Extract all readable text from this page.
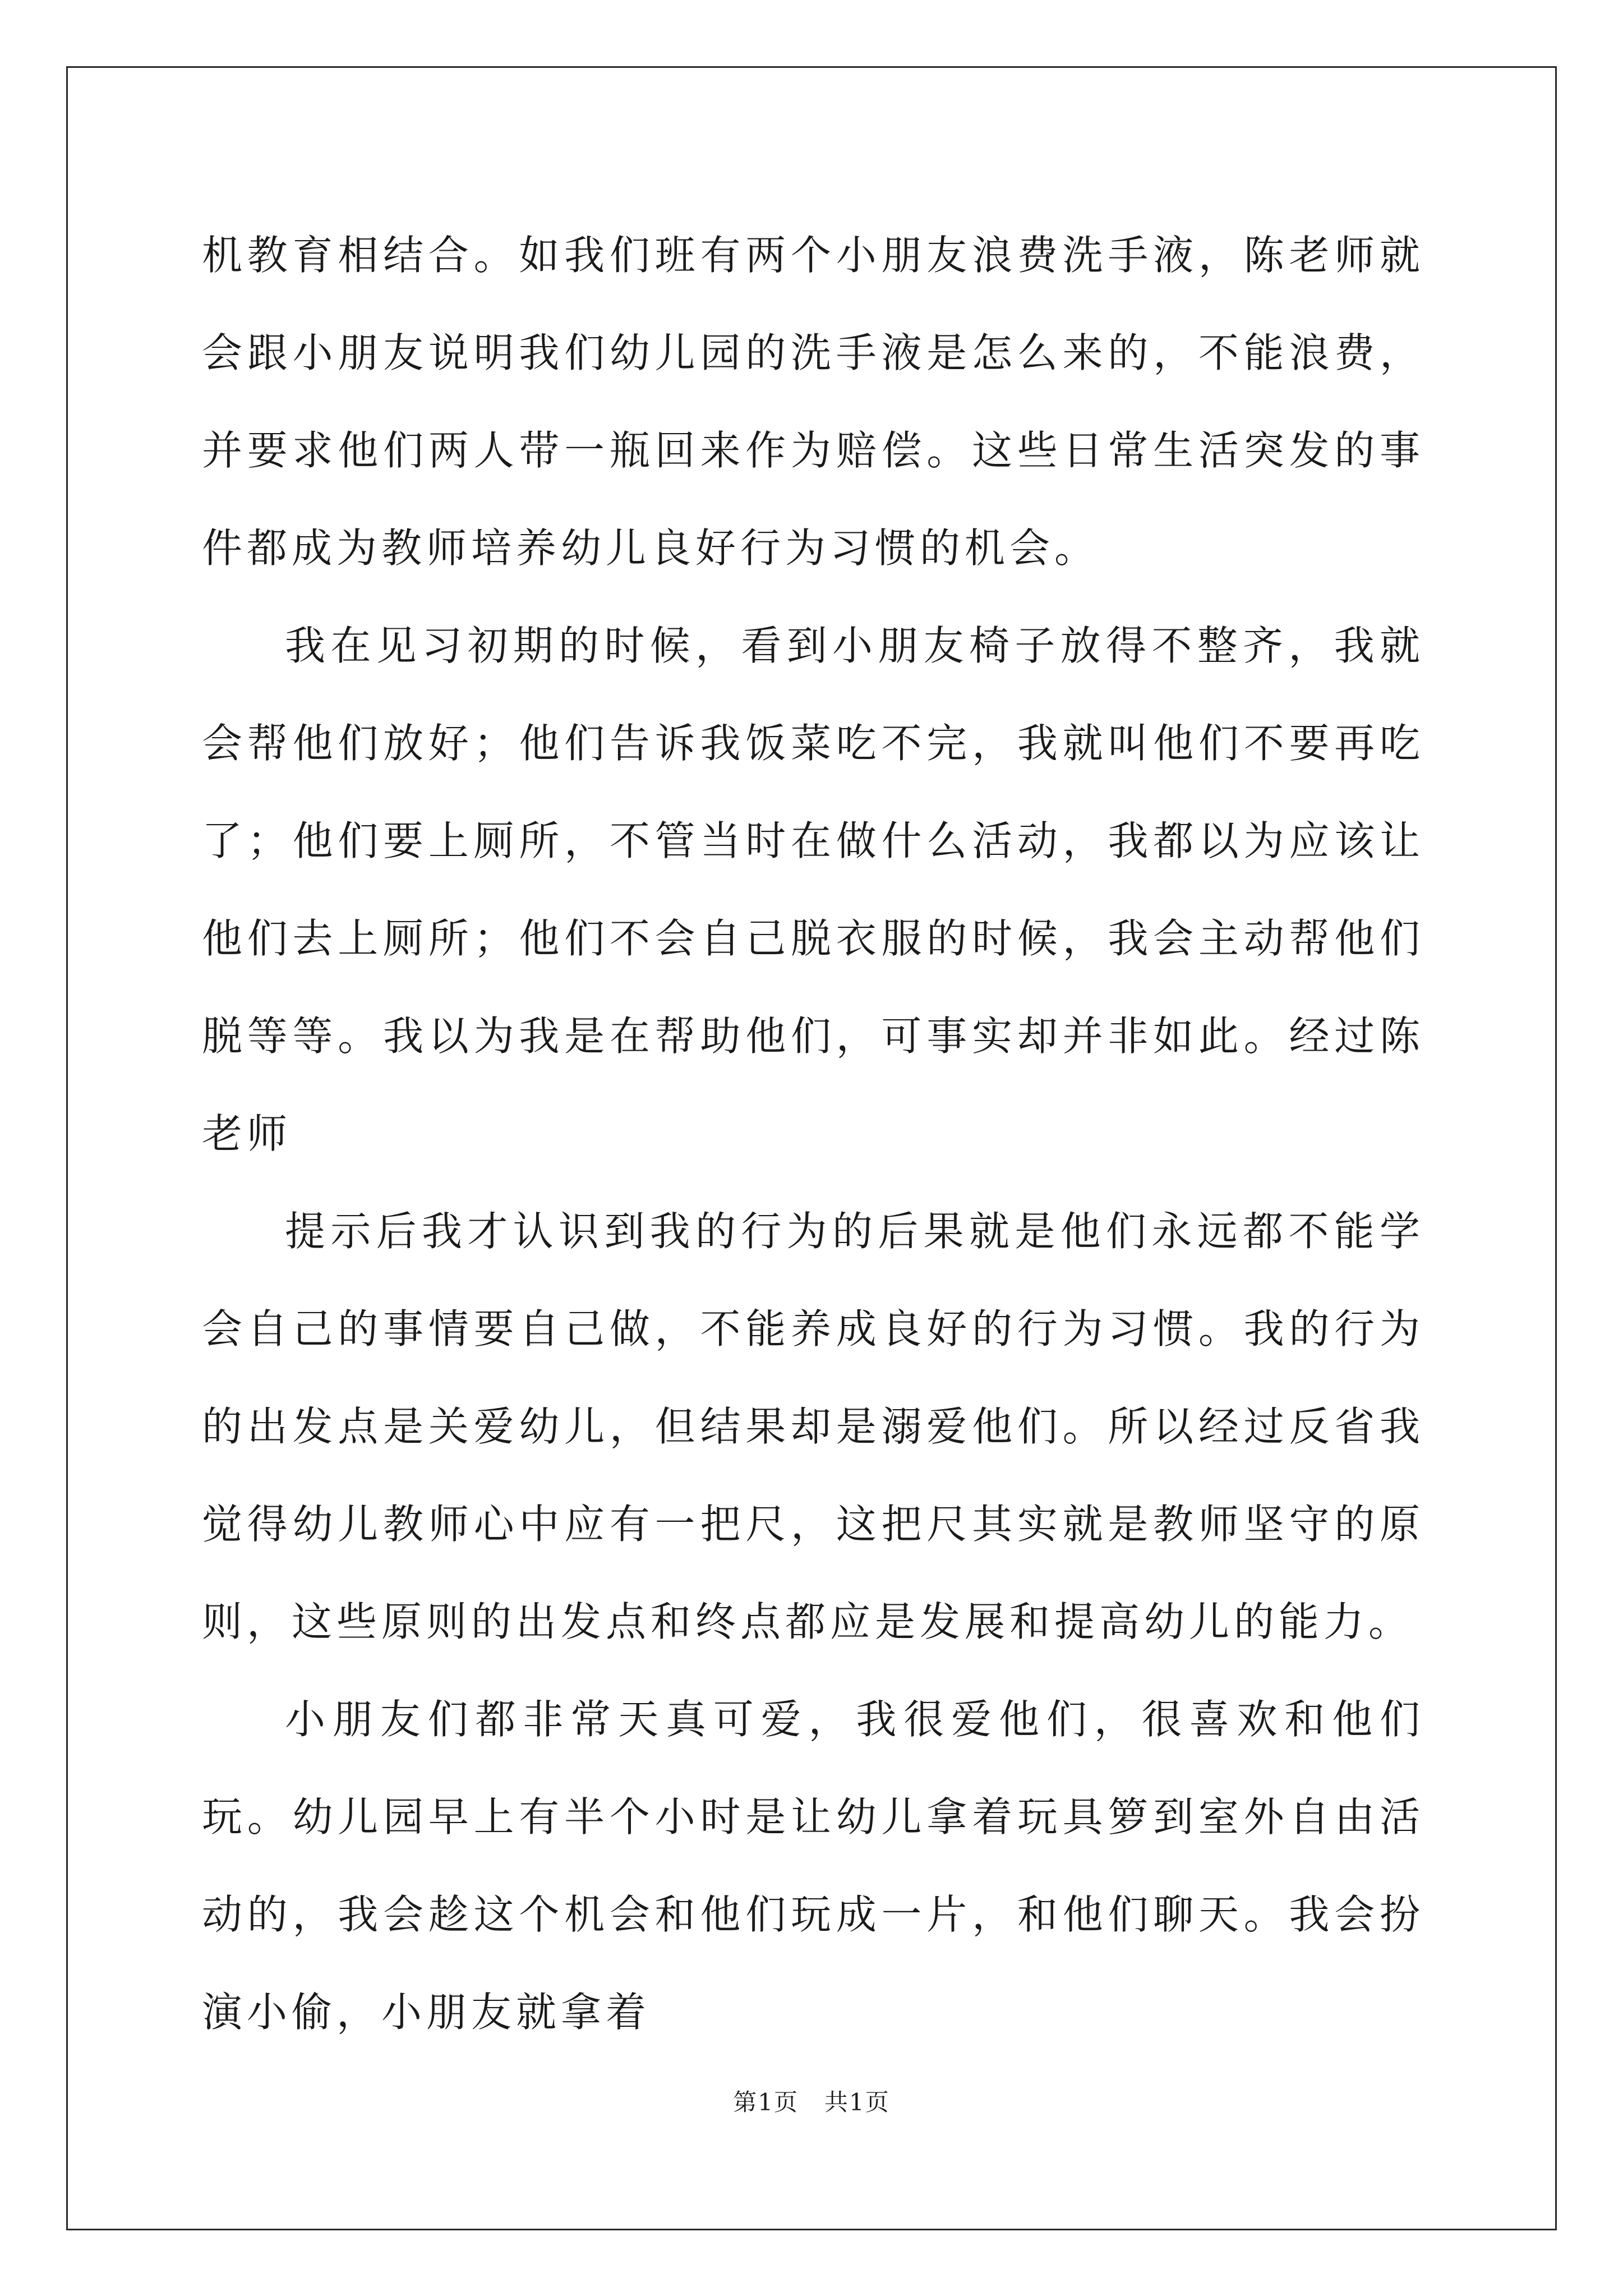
机教育相结合。如我们班有两个小朋友浪费洗手液，陈老师就会跟小朋友说明我们幼儿园的洗手液是怎么来的，不能浪费，并要求他们两人带一瓶回来作为赔偿。这些日常生活突发的事件都成为教师培养幼儿良好行为习惯的机会。

我在见习初期的时候，看到小朋友椅子放得不整齐，我就会帮他们放好；他们告诉我饭菜吃不完，我就叫他们不要再吃了；他们要上厕所，不管当时在做什么活动，我都以为应该让他们去上厕所；他们不会自己脱衣服的时候，我会主动帮他们脱等等。我以为我是在帮助他们，可事实却并非如此。经过陈老师

提示后我才认识到我的行为的后果就是他们永远都不能学会自己的事情要自己做，不能养成良好的行为习惯。我的行为的出发点是关爱幼儿，但结果却是溺爱他们。所以经过反省我觉得幼儿教师心中应有一把尺，这把尺其实就是教师坚守的原则，这些原则的出发点和终点都应是发展和提高幼儿的能力。

小朋友们都非常天真可爱，我很爱他们，很喜欢和他们玩。幼儿园早上有半个小时是让幼儿拿着玩具箩到室外自由活动的，我会趁这个机会和他们玩成一片，和他们聊天。我会扮演小偷，小朋友就拿着

第1页 共1页
